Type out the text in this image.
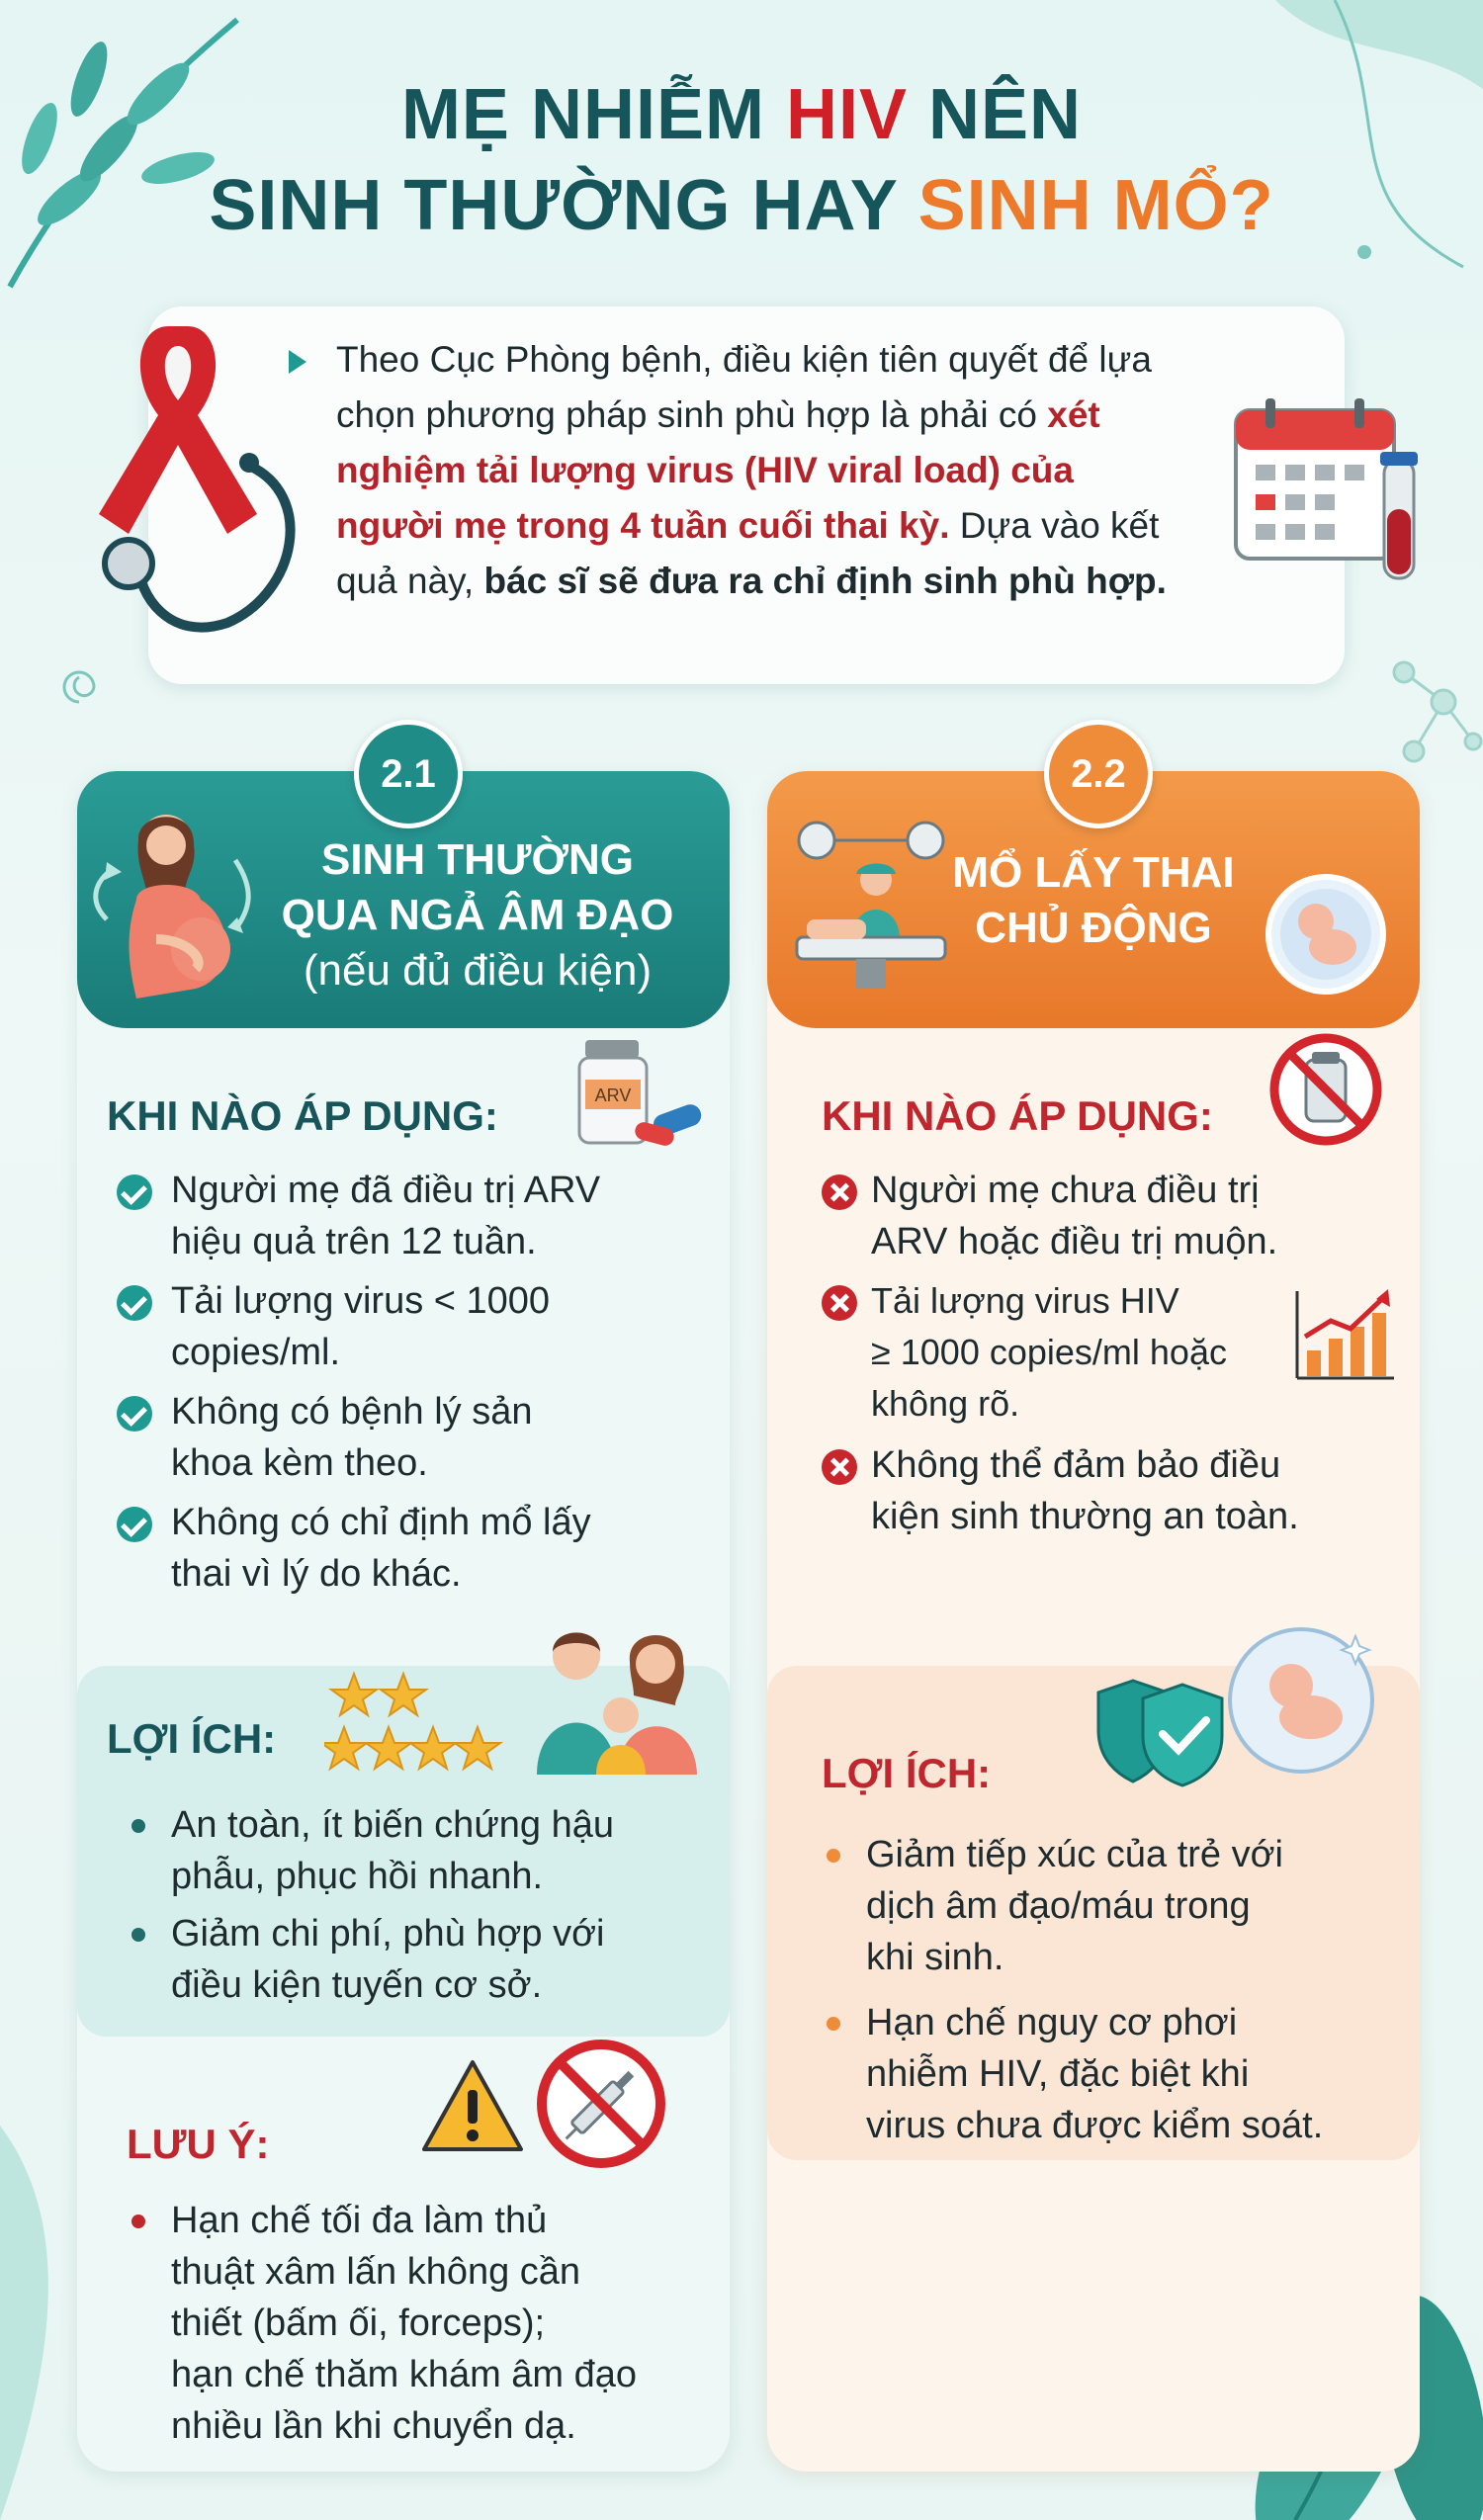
MẸ NHIỄM HIV NÊN
SINH THƯỜNG HAY SINH MỔ?
Theo Cục Phòng bệnh, điều kiện tiên quyết để lựa chọn phương pháp sinh phù hợp là phải có xét nghiệm tải lượng virus (HIV viral load) của người mẹ trong 4 tuần cuối thai kỳ. Dựa vào kết quả này, bác sĩ sẽ đưa ra chỉ định sinh phù hợp.
SINH THƯỜNG
QUA NGẢ ÂM ĐẠO
(nếu đủ điều kiện)
2.1
KHI NÀO ÁP DỤNG:	ARV
Người mẹ đã điều trị ARV
hiệu quả trên 12 tuần.
Tải lượng virus < 1000
copies/ml.
Không có bệnh lý sản
khoa kèm theo.
Không có chỉ định mổ lấy
thai vì lý do khác.
LỢI ÍCH:
An toàn, ít biến chứng hậu
phẫu, phục hồi nhanh.
Giảm chi phí, phù hợp với
điều kiện tuyến cơ sở.
LƯU Ý:
Hạn chế tối đa làm thủ
thuật xâm lấn không cần
thiết (bấm ối, forceps);
hạn chế thăm khám âm đạo
nhiều lần khi chuyển dạ.
MỔ LẤY THAI
CHỦ ĐỘNG
2.2
KHI NÀO ÁP DỤNG:
Người mẹ chưa điều trị
ARV hoặc điều trị muộn.
Tải lượng virus HIV
≥ 1000 copies/ml hoặc
không rõ.
Không thể đảm bảo điều
kiện sinh thường an toàn.
LỢI ÍCH:
Giảm tiếp xúc của trẻ với
dịch âm đạo/máu trong
khi sinh.
Hạn chế nguy cơ phơi
nhiễm HIV, đặc biệt khi
virus chưa được kiểm soát.
